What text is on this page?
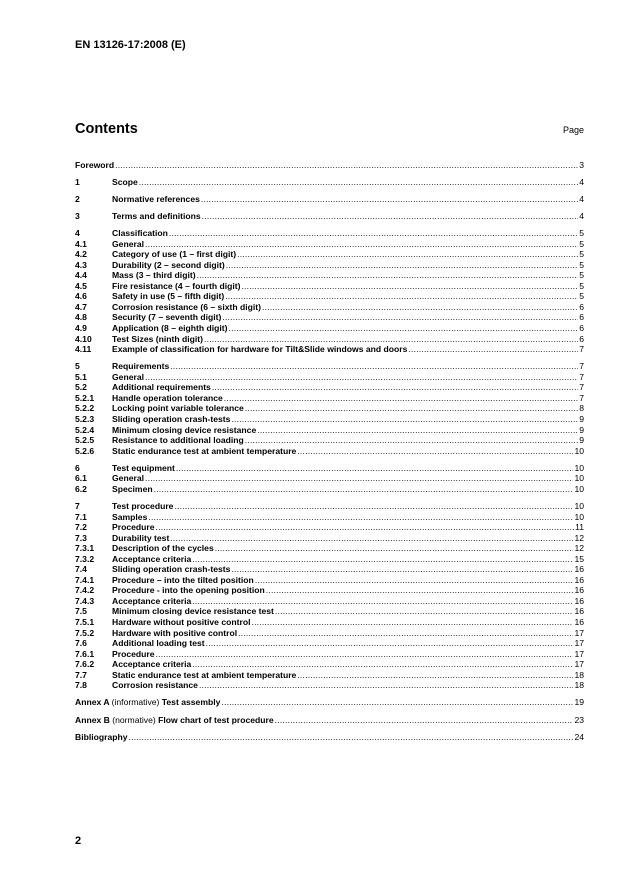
EN 13126-17:2008 (E)
Contents	Page
Foreword .....	3
1	Scope .....	4
2	Normative references .....	4
3	Terms and definitions .....	4
4	Classification .....	5
4.1	General .....	5
4.2	Category of use (1 – first digit) .....	5
4.3	Durability (2 – second digit) .....	5
4.4	Mass (3 – third digit) .....	5
4.5	Fire resistance (4 – fourth digit) .....	5
4.6	Safety in use (5 – fifth digit) .....	5
4.7	Corrosion resistance (6 – sixth digit) .....	6
4.8	Security (7 – seventh digit) .....	6
4.9	Application (8 – eighth digit) .....	6
4.10	Test Sizes (ninth digit) .....	6
4.11	Example of classification for hardware for Tilt&Slide windows and doors .....	7
5	Requirements .....	7
5.1	General .....	7
5.2	Additional requirements .....	7
5.2.1	Handle operation tolerance .....	7
5.2.2	Locking point variable tolerance .....	8
5.2.3	Sliding operation crash-tests .....	9
5.2.4	Minimum closing device resistance .....	9
5.2.5	Resistance to additional loading .....	9
5.2.6	Static endurance test at ambient temperature .....	10
6	Test equipment .....	10
6.1	General .....	10
6.2	Specimen .....	10
7	Test procedure .....	10
7.1	Samples .....	10
7.2	Procedure .....	11
7.3	Durability test .....	12
7.3.1	Description of the cycles .....	12
7.3.2	Acceptance criteria .....	15
7.4	Sliding operation crash-tests .....	16
7.4.1	Procedure – into the tilted position .....	16
7.4.2	Procedure - into the opening position .....	16
7.4.3	Acceptance criteria .....	16
7.5	Minimum closing device resistance test .....	16
7.5.1	Hardware without positive control .....	16
7.5.2	Hardware with positive control .....	17
7.6	Additional loading test .....	17
7.6.1	Procedure .....	17
7.6.2	Acceptance criteria .....	17
7.7	Static endurance test at ambient temperature .....	18
7.8	Corrosion resistance .....	18
Annex A (informative) Test assembly .....	19
Annex B (normative) Flow chart of test procedure .....	23
Bibliography .....	24
2
